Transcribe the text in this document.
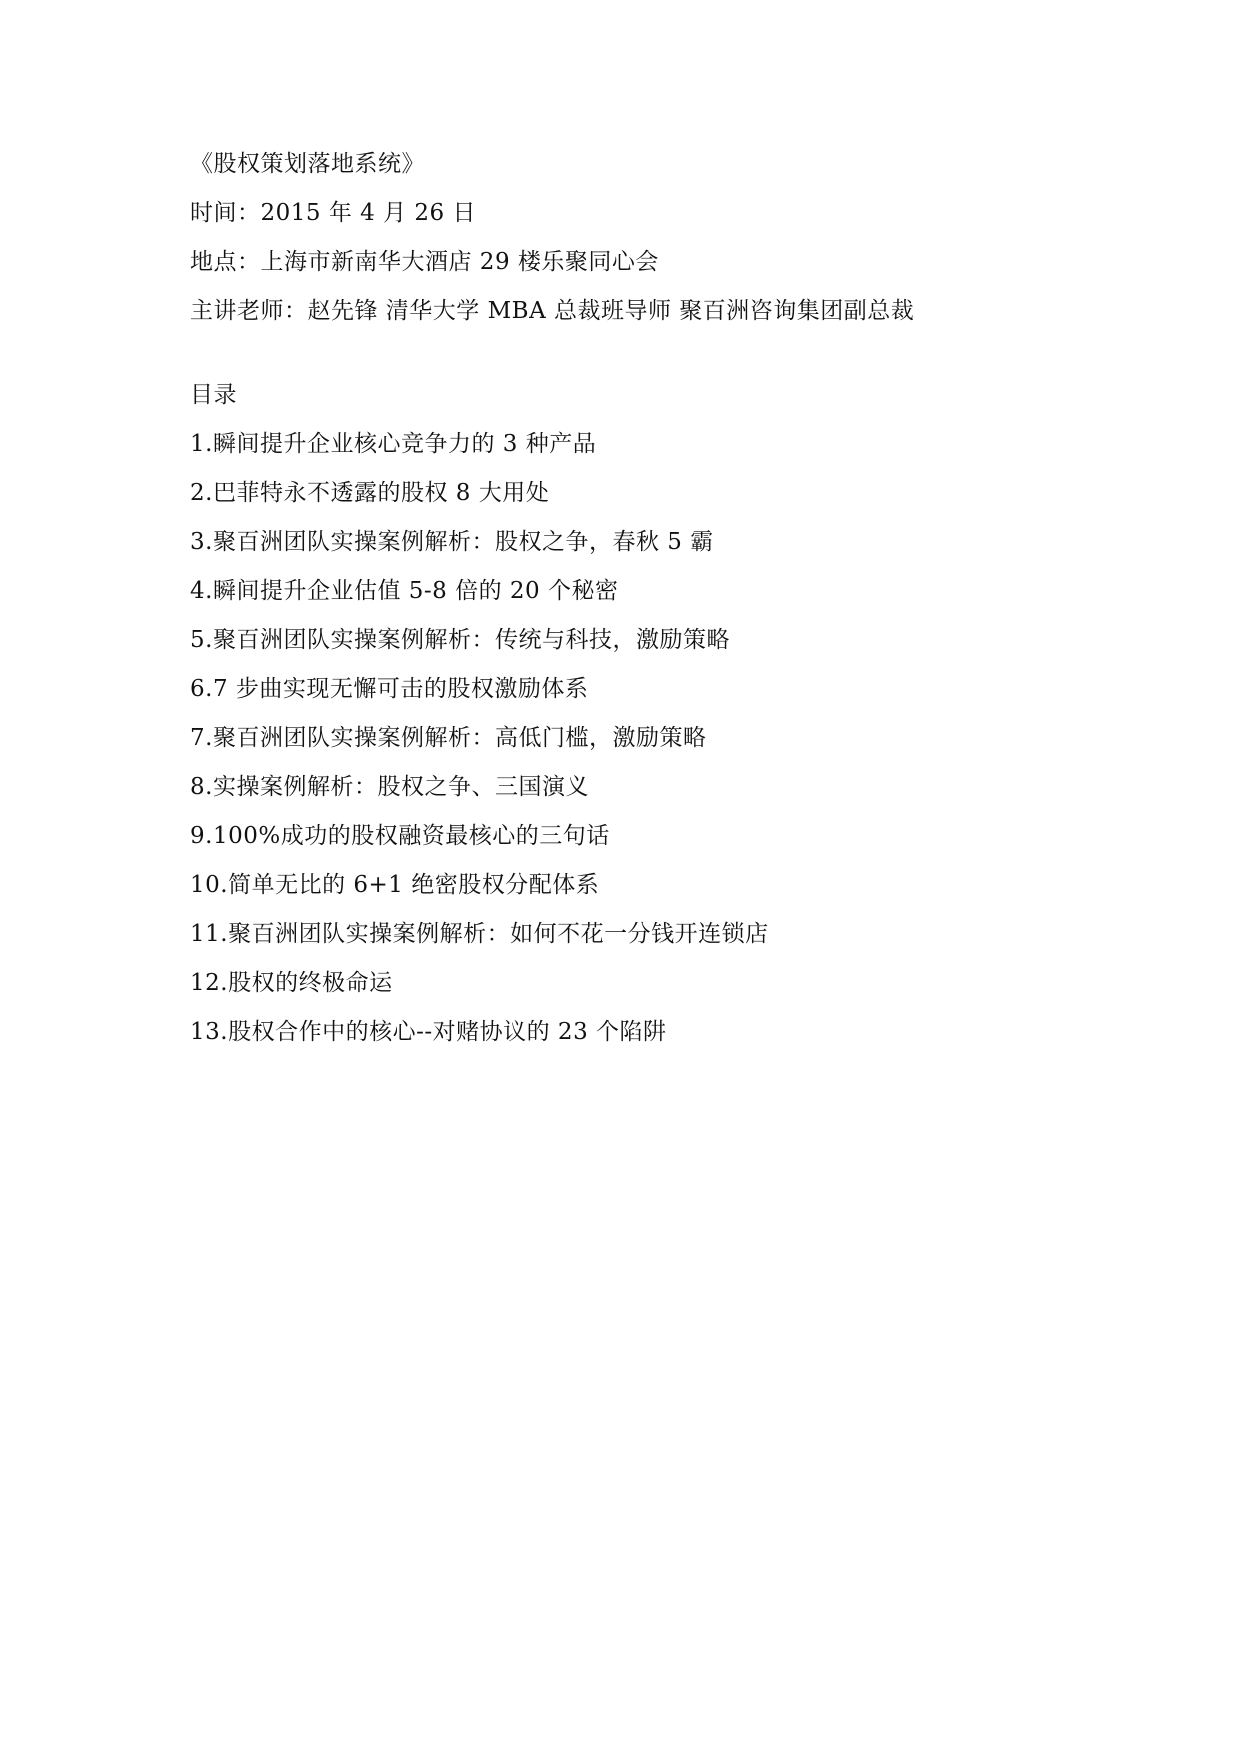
《股权策划落地系统》
时间：2015 年 4 月 26 日
地点：上海市新南华大酒店 29 楼乐聚同心会
主讲老师：赵先锋 清华大学 MBA 总裁班导师 聚百洲咨询集团副总裁
目录
1.瞬间提升企业核心竞争力的 3 种产品
2.巴菲特永不透露的股权 8 大用处
3.聚百洲团队实操案例解析：股权之争，春秋 5 霸
4.瞬间提升企业估值 5-8 倍的 20 个秘密
5.聚百洲团队实操案例解析：传统与科技，激励策略
6.7 步曲实现无懈可击的股权激励体系
7.聚百洲团队实操案例解析：高低门槛，激励策略
8.实操案例解析：股权之争、三国演义
9.100%成功的股权融资最核心的三句话
10.简单无比的 6+1 绝密股权分配体系
11.聚百洲团队实操案例解析：如何不花一分钱开连锁店
12.股权的终极命运
13.股权合作中的核心--对赌协议的 23 个陷阱
